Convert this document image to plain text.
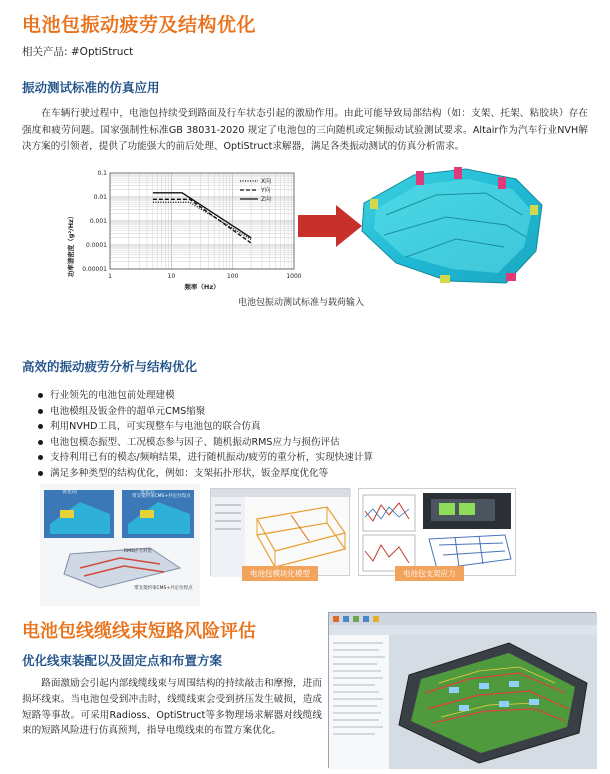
电池包振动疲劳及结构优化
相关产品: #OptiStruct
振动测试标准的仿真应用

在车辆行驶过程中，电池包持续受到路面及行车状态引起的激励作用。由此可能导致局部结构（如：支架、托架、粘胶块）存在强度和疲劳问题。国家强制性标准GB 38031-2020 规定了电池包的三向随机或定频振动试验测试要求。Altair作为汽车行业NVH解决方案的引领者，提供了功能强大的前后处理、OptiStruct求解器，满足各类振动测试的仿真分析需求。

1	10	100	1000
0.1
0.01
0.001
0.0001
0.00001
X向
Y向
Z向
功率谱密度（g²/Hz）
频率（Hz）
电池包振动测试标准与载荷输入
高效的振动疲劳分析与结构优化
行业领先的电池包前处理建模
电池模组及钣金件的超单元CMS缩聚
利用NVHD工具，可实现整车与电池包的联合仿真
电池包模态振型、工况模态参与因子、随机振动RMS应力与损伤评估
支持利用已有的模态/频响结果，进行随机振动/疲劳的重分析，实现快速计算
满足多种类型的结构优化，例如：支架拓扑形状，钣金厚度优化等
优化前	优化后
带支架约束CMS+共定位焊点
RMS应力对比
带支架约束CMS+共定位焊点
电池包模块化模型	电池包支架应力
电池包线缆线束短路风险评估
优化线束装配以及固定点和布置方案

路面激励会引起内部线缆线束与周围结构的持续敲击和摩擦，进而损坏线束。当电池包受到冲击时，线缆线束会受到挤压发生破损，造成短路等事故。可采用Radioss、OptiStruct等多物理场求解器对线缆线束的短路风险进行仿真预判，指导电缆线束的布置方案优化。
